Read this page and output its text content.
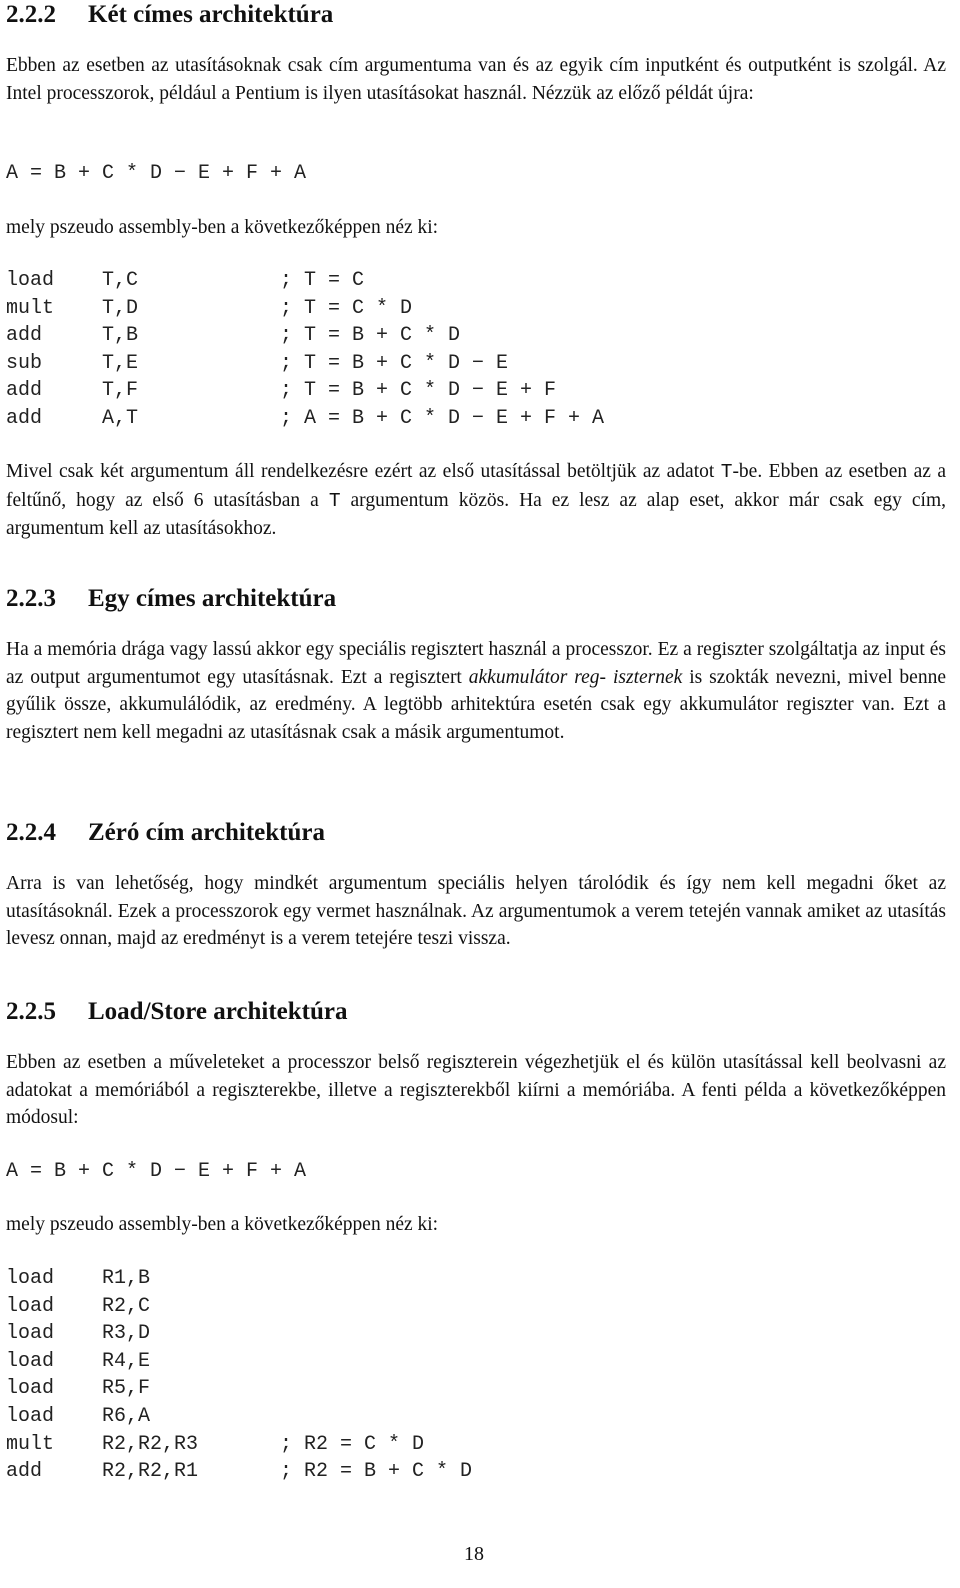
2.2.2 Két címes architektúra

Ebben az esetben az utasításoknak csak cím argumentuma van és az egyik cím inputként és outputként is szolgál. Az Intel processzorok, például a Pentium is ilyen utasításokat használ. Nézzük az előző példát újra:

A = B + C * D − E + F + A

mely pszeudo assembly-ben a következőképpen néz ki:

load T,C	; T = C
mult T,D	; T = C * D
add	T,B	; T = B + C * D
sub	T,E	; T = B + C * D − E
add	T,F	; T = B + C * D − E + F
add	A,T	; A = B + C * D − E + F + A

Mivel csak két argumentum áll rendelkezésre ezért az első utasítással betöltjük az adatot T-be. Ebben az esetben az a feltűnő, hogy az első 6 utasításban a T argumentum közös. Ha ez lesz az alap eset, akkor már csak egy cím, argumentum kell az utasításokhoz.

2.2.3 Egy címes architektúra

Ha a memória drága vagy lassú akkor egy speciális regisztert használ a processzor. Ez a regiszter szolgáltatja az input és az output argumentumot egy utasításnak. Ezt a regisztert akkumulátor reg- iszternek is szokták nevezni, mivel benne gyűlik össze, akkumulálódik, az eredmény. A legtöbb arhitektúra esetén csak egy akkumulátor regiszter van. Ezt a regisztert nem kell megadni az utasításnak csak a másik argumentumot.

2.2.4 Zéró cím architektúra

Arra is van lehetőség, hogy mindkét argumentum speciális helyen tárolódik és így nem kell megadni őket az utasításoknál. Ezek a processzorok egy vermet használnak. Az argumentumok a verem tetején vannak amiket az utasítás levesz onnan, majd az eredményt is a verem tetejére teszi vissza.

2.2.5 Load/Store architektúra

Ebben az esetben a műveleteket a processzor belső regiszterein végezhetjük el és külön utasítással kell beolvasni az adatokat a memóriából a regiszterekbe, illetve a regiszterekből kiírni a memóriába. A fenti példa a következőképpen módosul:

A = B + C * D − E + F + A

mely pszeudo assembly-ben a következőképpen néz ki:

load R1,B
load R2,C
load R3,D
load R4,E
load R5,F
load R6,A
mult R2,R2,R3	; R2 = C * D
add	R2,R2,R1	; R2 = B + C * D
18
